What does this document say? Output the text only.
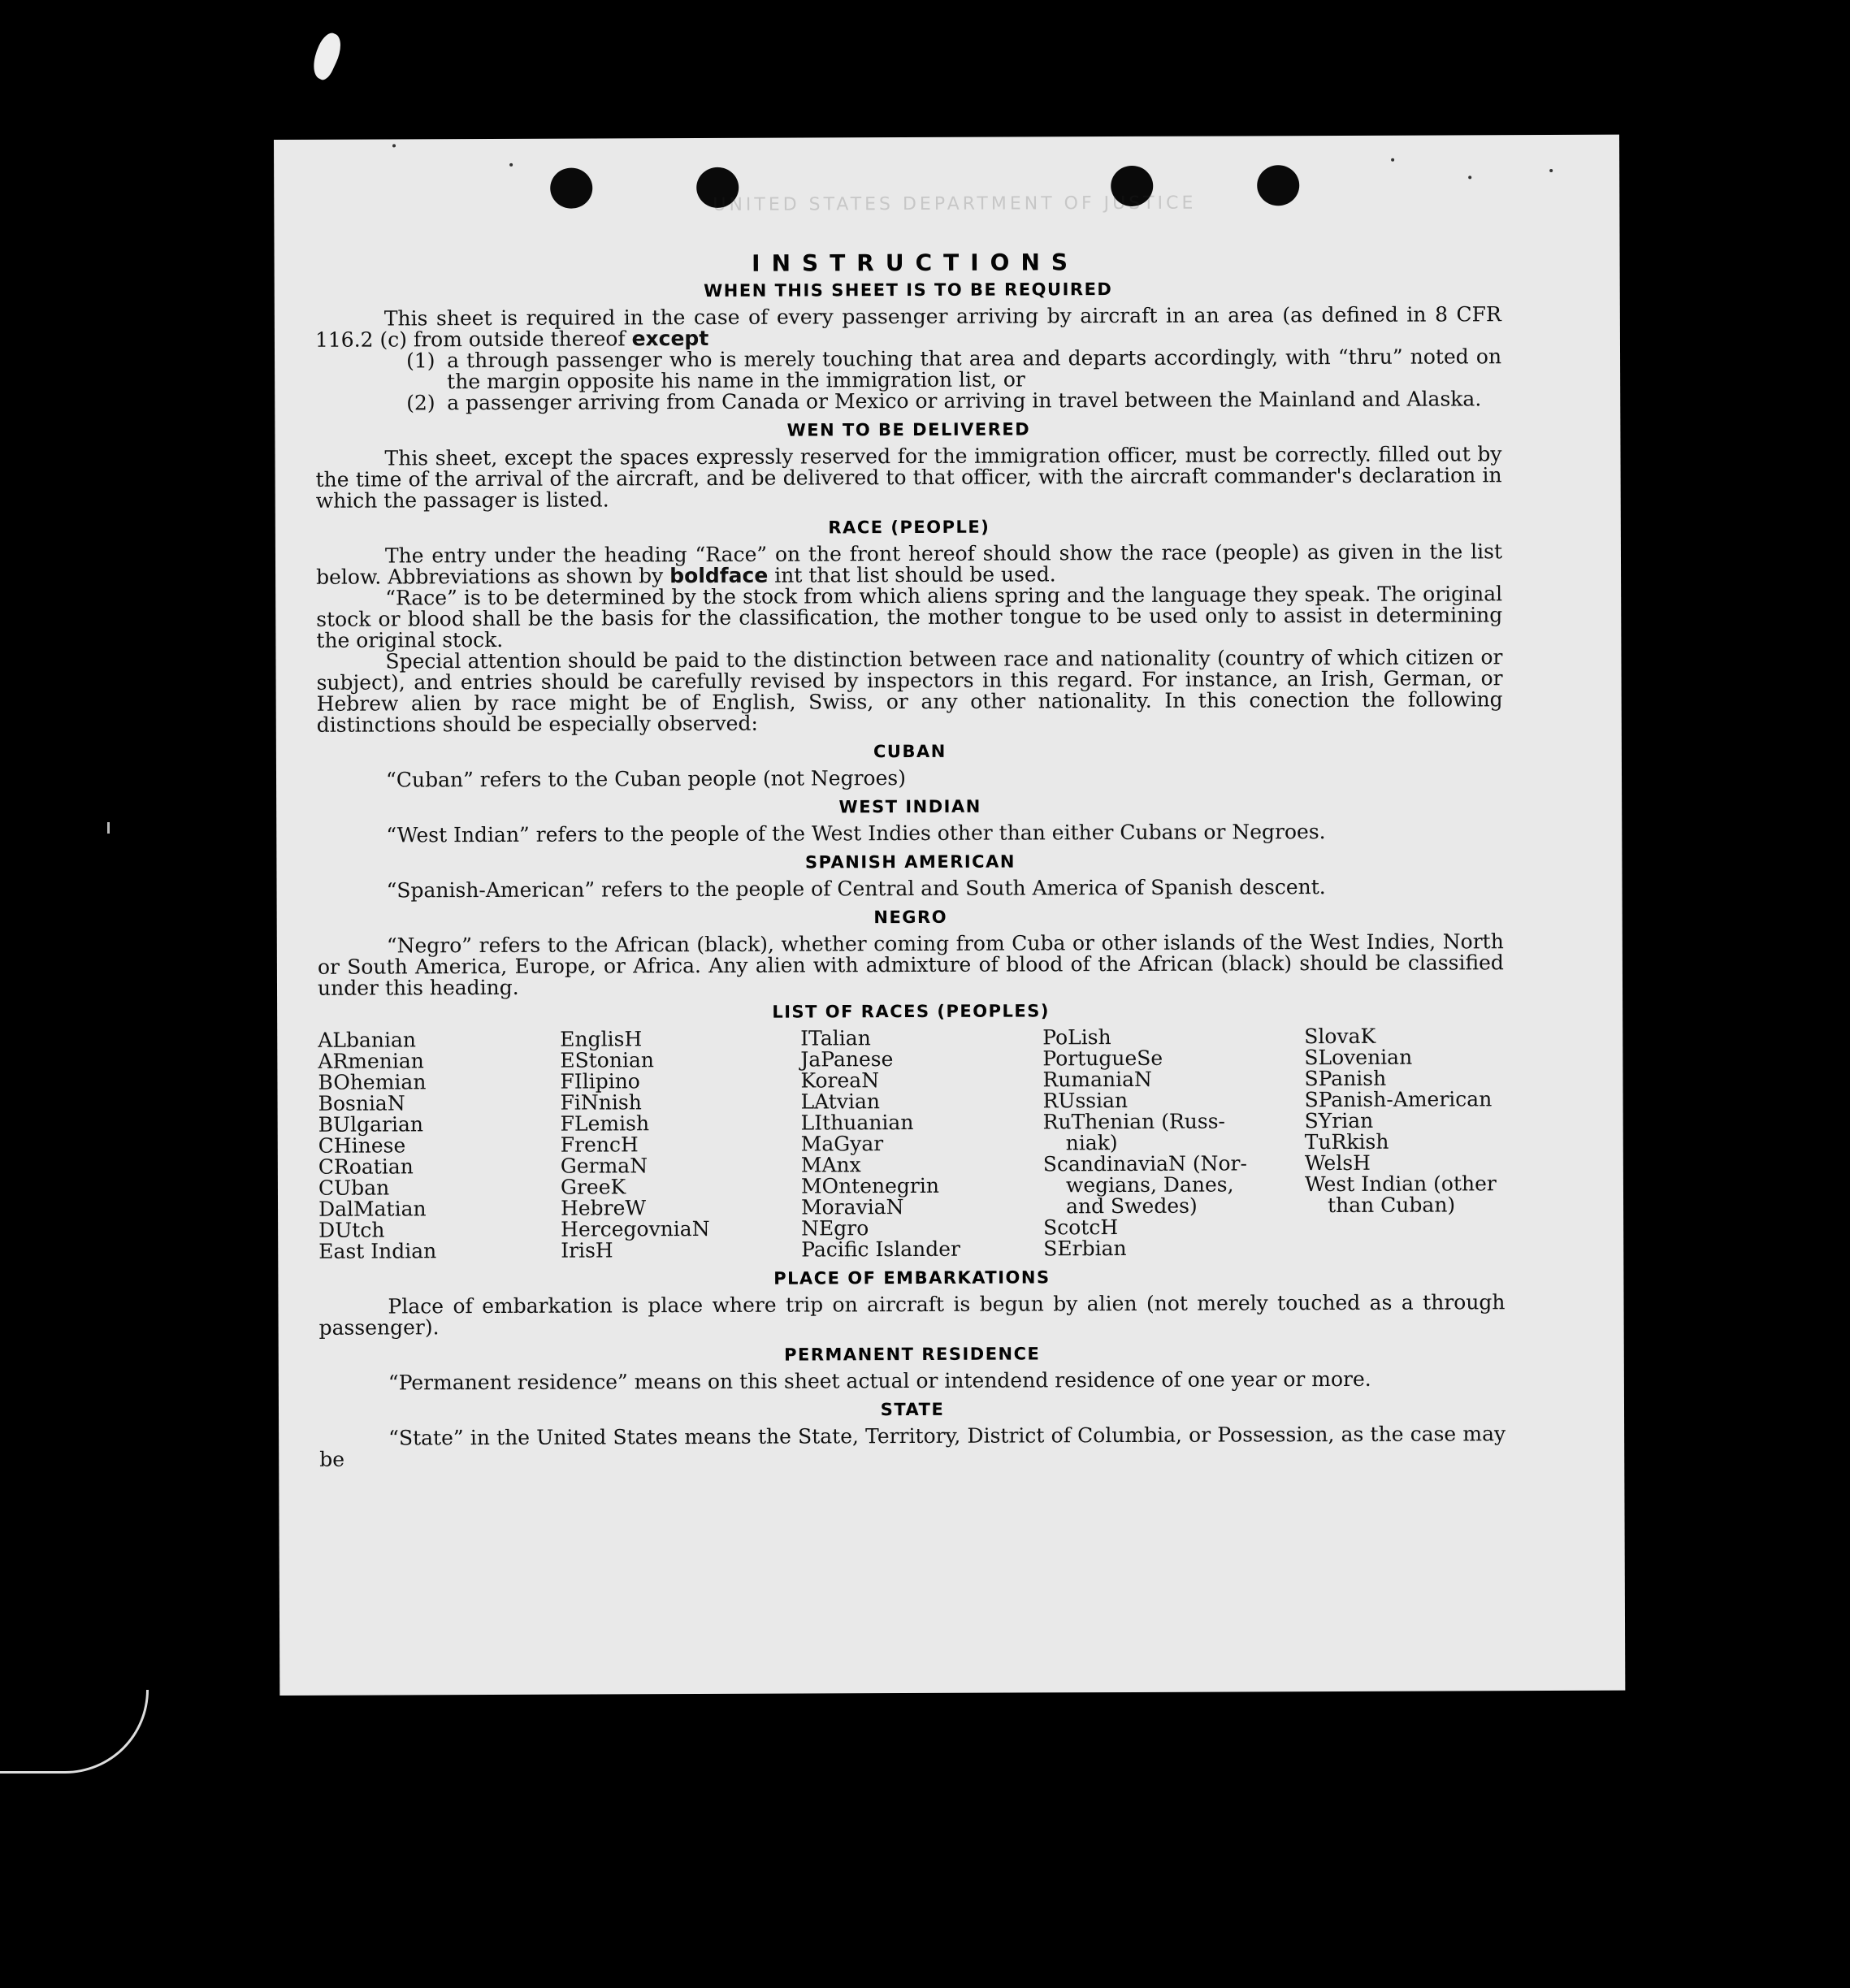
UNITED STATES DEPARTMENT OF JUSTICE
INSTRUCTIONS
WHEN THIS SHEET IS TO BE REQUIRED

This sheet is required in the case of every passenger arriving by aircraft in an area (as defined in 8 CFR 116.2 (c) from outside thereof except

(1) a through passenger who is merely touching that area and departs accordingly, with “thru” noted on the margin opposite his name in the immigration list, or
(2) a passenger arriving from Canada or Mexico or arriving in travel between the Mainland and Alaska.
WEN TO BE DELIVERED

This sheet, except the spaces expressly reserved for the immigration officer, must be correctly. filled out by the time of the arrival of the aircraft, and be delivered to that officer, with the aircraft commander's declaration in which the passager is listed.

RACE (PEOPLE)

The entry under the heading “Race” on the front hereof should show the race (people) as given in the list below. Abbreviations as shown by boldface int that list should be used.

“Race” is to be determined by the stock from which aliens spring and the language they speak. The original stock or blood shall be the basis for the classification, the mother tongue to be used only to assist in determining the original stock.

Special attention should be paid to the distinction between race and nationality (country of which citizen or subject), and entries should be carefully revised by inspectors in this regard. For instance, an Irish, German, or Hebrew alien by race might be of English, Swiss, or any other nationality. In this conection the following distinctions should be especially observed:

CUBAN

“Cuban” refers to the Cuban people (not Negroes)

WEST INDIAN

“West Indian” refers to the people of the West Indies other than either Cubans or Negroes.

SPANISH AMERICAN

“Spanish-American” refers to the people of Central and South America of Spanish descent.

NEGRO

“Negro” refers to the African (black), whether coming from Cuba or other islands of the West Indies, North or South America, Europe, or Africa. Any alien with admixture of blood of the African (black) should be classified under this heading.

LIST OF RACES (PEOPLES)
ALbanian
ARmenian
BOhemian
BosniaN
BUlgarian
CHinese
CRoatian
CUban
DalMatian
DUtch
East Indian
EnglisH
EStonian
FIlipino
FiNnish
FLemish
FrencH
GermaN
GreeK
HebreW
HercegovniaN
IrisH
ITalian
JaPanese
KoreaN
LAtvian
LIthuanian
MaGyar
MAnx
MOntenegrin
MoraviaN
NEgro
Pacific Islander
PoLish
PortugueSe
RumaniaN
RUssian
RuThenian (Russ-
niak)
ScandinaviaN (Nor-
wegians, Danes,
and Swedes)
ScotcH
SErbian
SlovaK
SLovenian
SPanish
SPanish-American
SYrian
TuRkish
WelsH
West Indian (other
than Cuban)
PLACE OF EMBARKATIONS

Place of embarkation is place where trip on aircraft is begun by alien (not merely touched as a through passenger).

PERMANENT RESIDENCE

“Permanent residence” means on this sheet actual or intendend residence of one year or more.

STATE

“State” in the United States means the State, Territory, District of Columbia, or Possession, as the case may be
